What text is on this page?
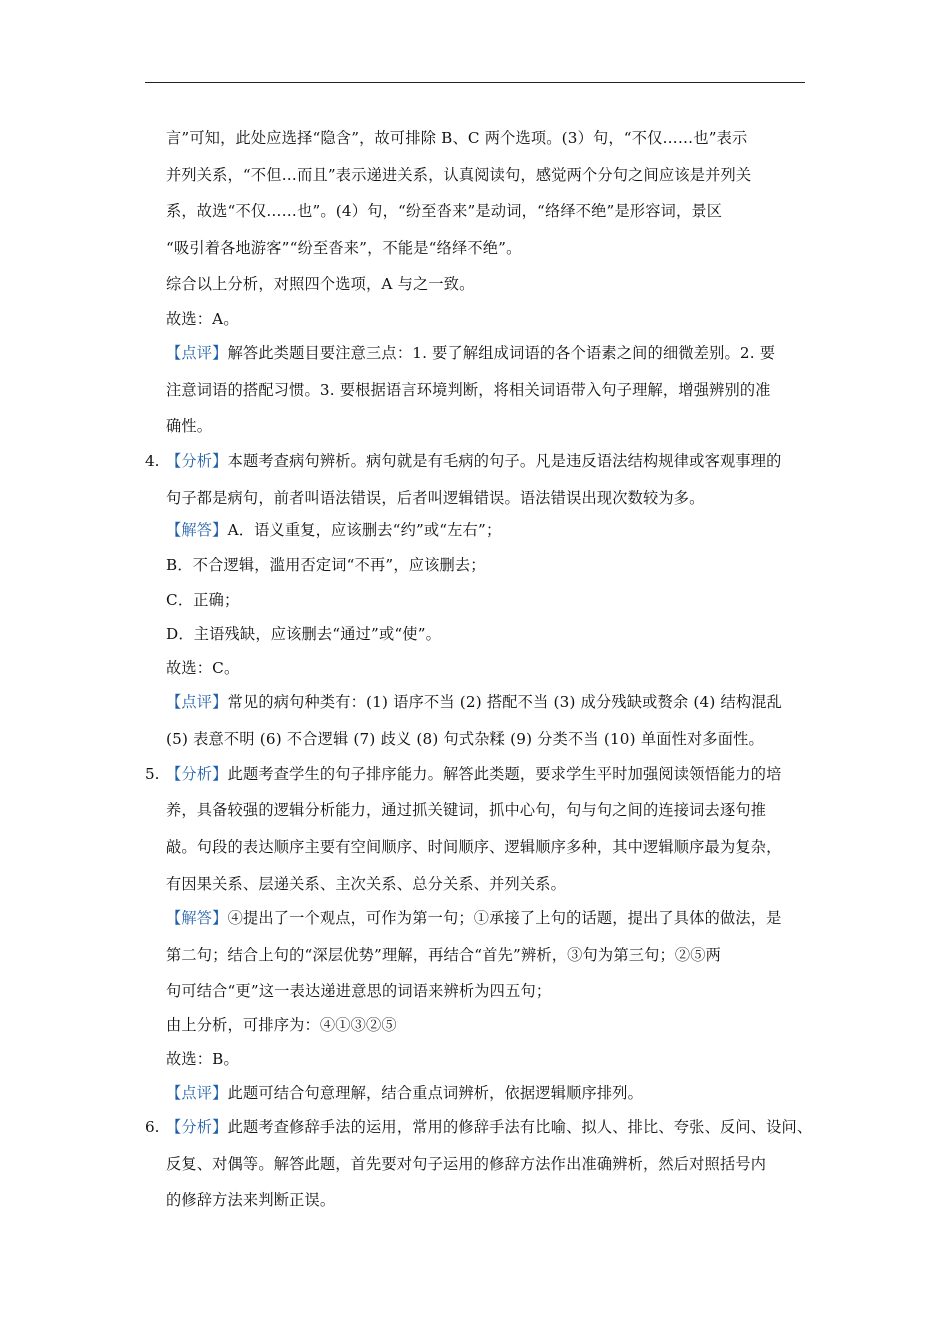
言”可知，此处应选择“隐含”，故可排除 B、C 两个选项。(3）句，“不仅……也”表示
并列关系，“不但…而且”表示递进关系，认真阅读句，感觉两个分句之间应该是并列关
系，故选“不仅……也”。(4）句，“纷至沓来”是动词，“络绎不绝”是形容词，景区
“吸引着各地游客”“纷至沓来”，不能是“络绎不绝”。
综合以上分析，对照四个选项，A 与之一致。
故选：A。
【点评】解答此类题目要注意三点：1. 要了解组成词语的各个语素之间的细微差别。2. 要
注意词语的搭配习惯。3. 要根据语言环境判断，将相关词语带入句子理解，增强辨别的准
确性。
4. 【分析】本题考查病句辨析。病句就是有毛病的句子。凡是违反语法结构规律或客观事理的
句子都是病句，前者叫语法错误，后者叫逻辑错误。语法错误出现次数较为多。
【解答】A．语义重复，应该删去“约”或“左右”；
B．不合逻辑，滥用否定词“不再”，应该删去；
C．正确；
D．主语残缺，应该删去“通过”或“使”。
故选：C。
【点评】常见的病句种类有：(1) 语序不当 (2) 搭配不当 (3) 成分残缺或赘余 (4) 结构混乱
(5) 表意不明 (6) 不合逻辑 (7) 歧义 (8) 句式杂糅 (9) 分类不当 (10) 单面性对多面性。
5. 【分析】此题考查学生的句子排序能力。解答此类题，要求学生平时加强阅读领悟能力的培
养，具备较强的逻辑分析能力，通过抓关键词，抓中心句，句与句之间的连接词去逐句推
敲。句段的表达顺序主要有空间顺序、时间顺序、逻辑顺序多种，其中逻辑顺序最为复杂，
有因果关系、层递关系、主次关系、总分关系、并列关系。
【解答】④提出了一个观点，可作为第一句；①承接了上句的话题，提出了具体的做法，是
第二句；结合上句的“深层优势”理解，再结合“首先”辨析，③句为第三句；②⑤两
句可结合“更”这一表达递进意思的词语来辨析为四五句；
由上分析，可排序为：④①③②⑤
故选：B。
【点评】此题可结合句意理解，结合重点词辨析，依据逻辑顺序排列。
6. 【分析】此题考查修辞手法的运用，常用的修辞手法有比喻、拟人、排比、夸张、反问、设问、
反复、对偶等。解答此题，首先要对句子运用的修辞方法作出准确辨析，然后对照括号内
的修辞方法来判断正误。
